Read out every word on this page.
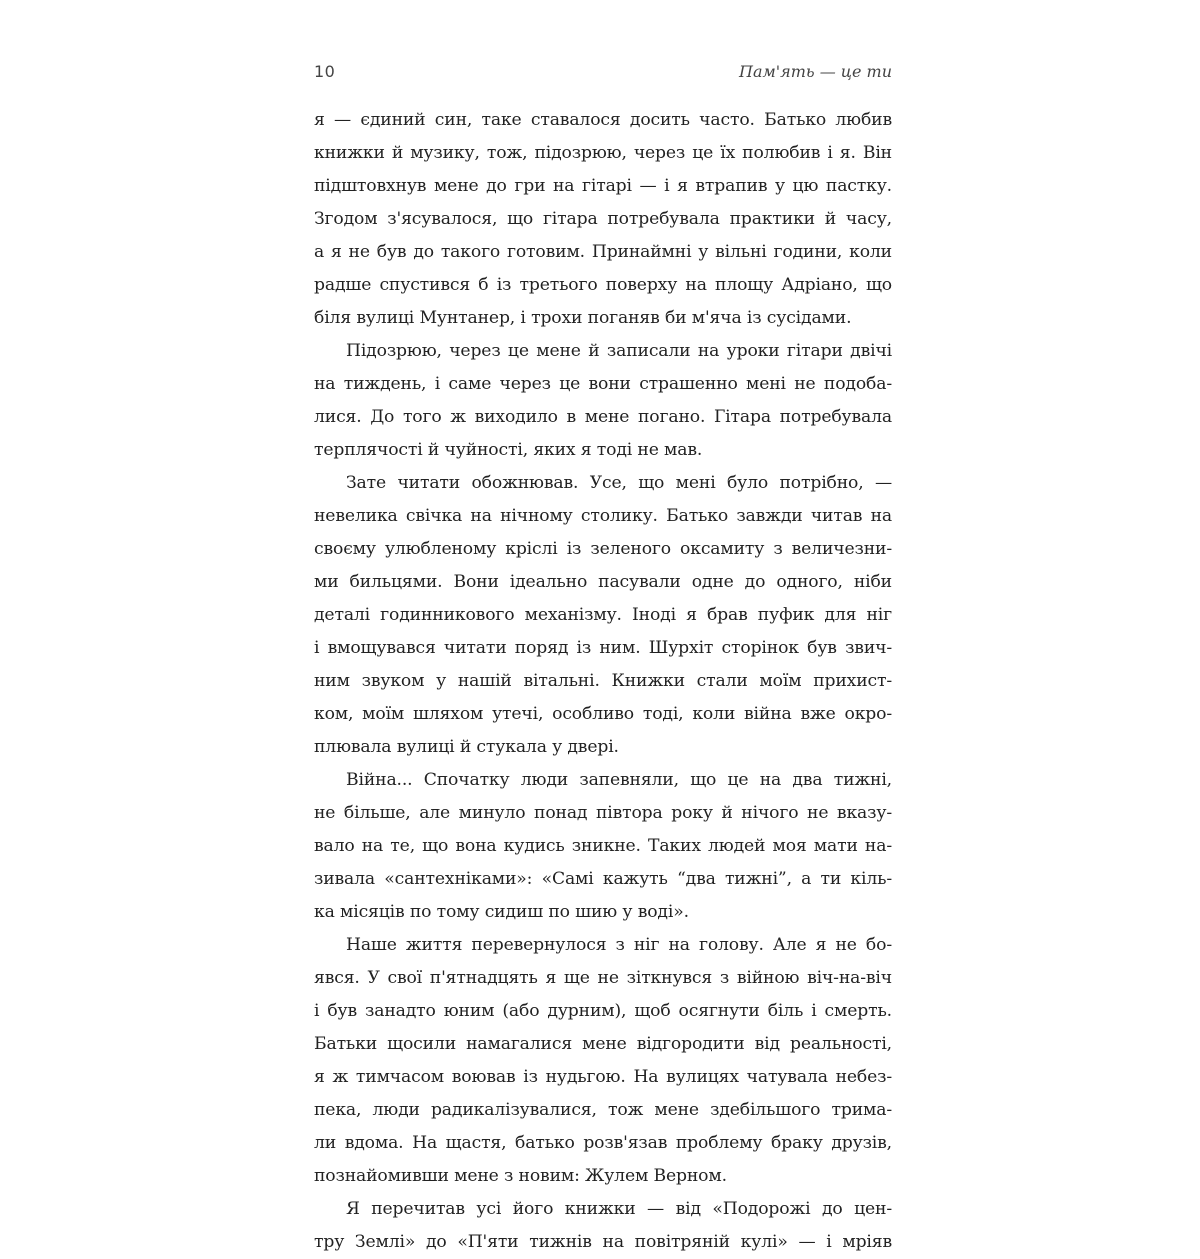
10	Пам'ять — це ти
я — єдиний син, таке ставалося досить часто. Батько любив
книжки й музику, тож, підозрюю, через це їх полюбив і я. Він
підштовхнув мене до гри на гітарі — і я втрапив у цю пастку.
Згодом з'ясувалося, що гітара потребувала практики й часу,
а я не був до такого готовим. Принаймні у вільні години, коли
радше спустився б із третього поверху на площу Адріано, що
біля вулиці Мунтанер, і трохи поганяв би м'яча із сусідами.
Підозрюю, через це мене й записали на уроки гітари двічі
на тиждень, і саме через це вони страшенно мені не подоба-
лися. До того ж виходило в мене погано. Гітара потребувала
терплячості й чуйності, яких я тоді не мав.
Зате читати обожнював. Усе, що мені було потрібно, —
невелика свічка на нічному столику. Батько завжди читав на
своєму улюбленому кріслі із зеленого оксамиту з величезни-
ми бильцями. Вони ідеально пасували одне до одного, ніби
деталі годинникового механізму. Іноді я брав пуфик для ніг
і вмощувався читати поряд із ним. Шурхіт сторінок був звич-
ним звуком у нашій вітальні. Книжки стали моїм прихист-
ком, моїм шляхом утечі, особливо тоді, коли війна вже окро-
плювала вулиці й стукала у двері.
Війна... Спочатку люди запевняли, що це на два тижні,
не більше, але минуло понад півтора року й нічого не вказу-
вало на те, що вона кудись зникне. Таких людей моя мати на-
зивала «сантехніками»: «Самі кажуть “два тижні”, а ти кіль-
ка місяців по тому сидиш по шию у воді».
Наше життя перевернулося з ніг на голову. Але я не бо-
явся. У свої п'ятнадцять я ще не зіткнувся з війною віч-на-віч
і був занадто юним (або дурним), щоб осягнути біль і смерть.
Батьки щосили намагалися мене відгородити від реальності,
я ж тимчасом воював із нудьгою. На вулицях чатувала небез-
пека, люди радикалізувалися, тож мене здебільшого трима-
ли вдома. На щастя, батько розв'язав проблему браку друзів,
познайомивши мене з новим: Жулем Верном.
Я перечитав усі його книжки — від «Подорожі до цен-
тру Землі» до «П'яти тижнів на повітряній кулі» — і мріяв
